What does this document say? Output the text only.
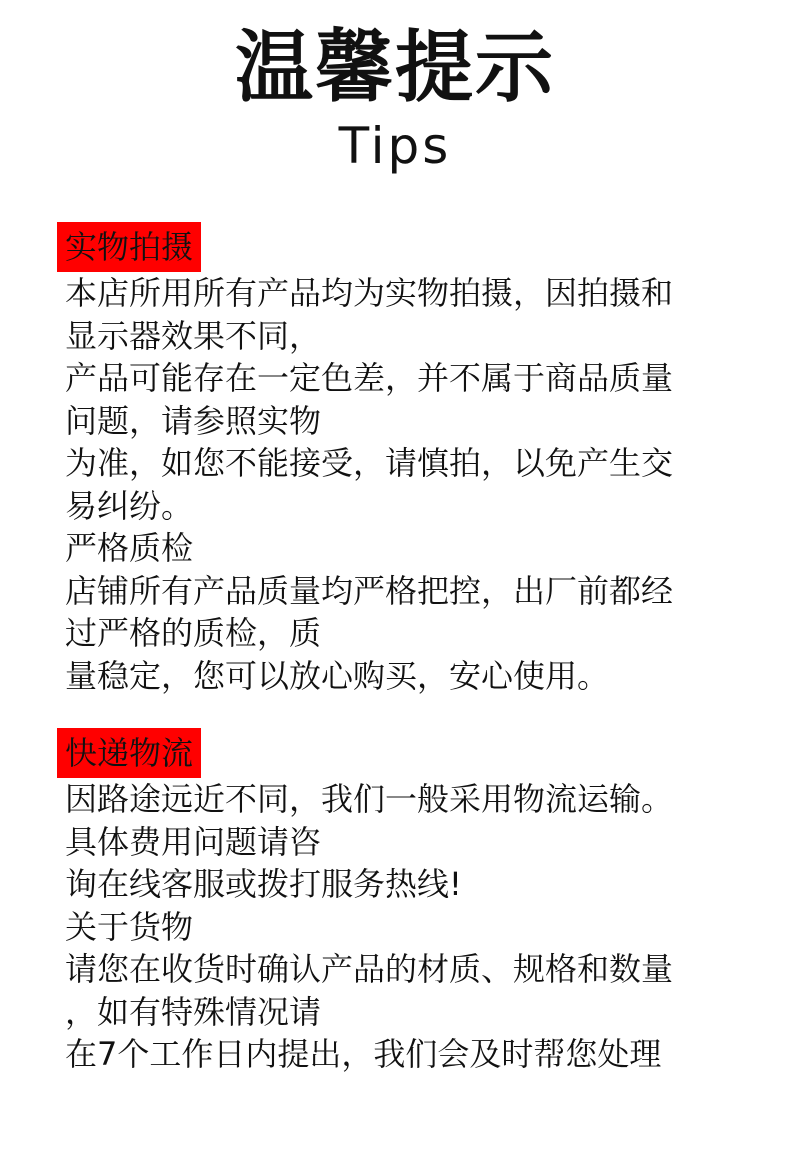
温馨提示
Tips
实物拍摄
本店所用所有产品均为实物拍摄，因拍摄和
显示器效果不同，
产品可能存在一定色差，并不属于商品质量
问题，请参照实物
为准，如您不能接受，请慎拍，以免产生交
易纠纷。
严格质检
店铺所有产品质量均严格把控，出厂前都经
过严格的质检，质
量稳定，您可以放心购买，安心使用。
快递物流
因路途远近不同，我们一般采用物流运输。
具体费用问题请咨
询在线客服或拨打服务热线!
关于货物
请您在收货时确认产品的材质、规格和数量
，如有特殊情况请
在7个工作日内提出，我们会及时帮您处理
